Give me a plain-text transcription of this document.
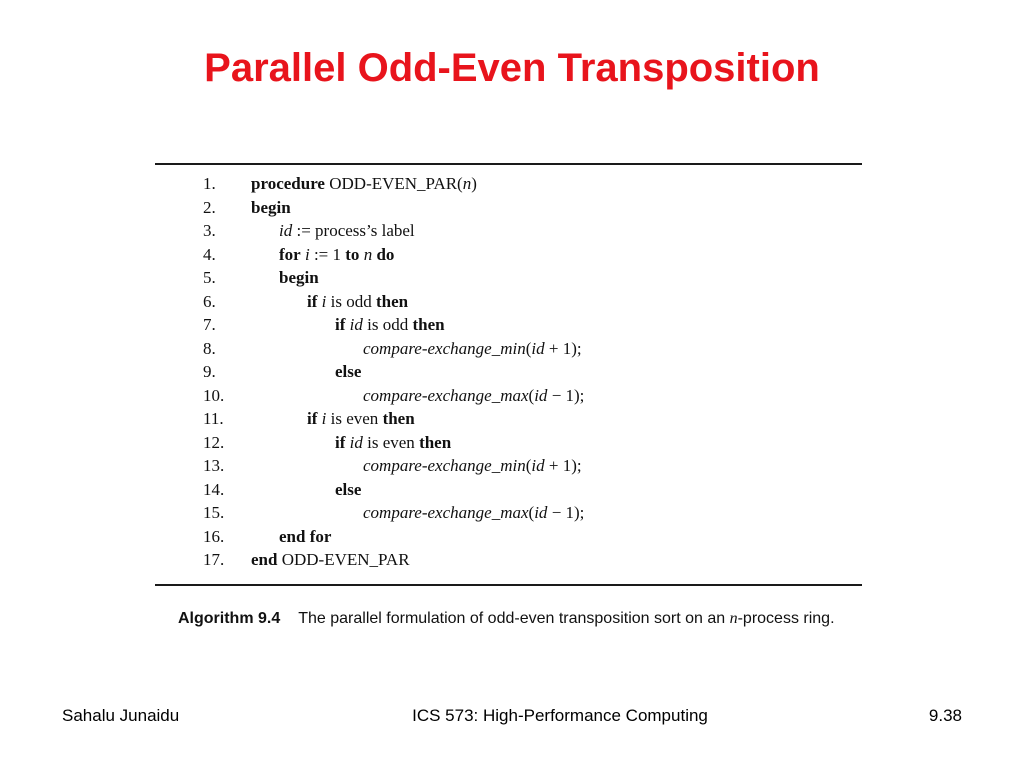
Parallel Odd-Even Transposition
1. procedure ODD-EVEN_PAR(n)
2. begin
3.	id := process’s label
4.	for i := 1 to n do
5.	begin
6.	if i is odd then
7.	if id is odd then
8.	compare-exchange_min(id + 1);
9.	else
10.	compare-exchange_max(id − 1);
11.	if i is even then
12.	if id is even then
13.	compare-exchange_min(id + 1);
14.	else
15.	compare-exchange_max(id − 1);
16.	end for
17. end ODD-EVEN_PAR
Algorithm 9.4 The parallel formulation of odd-even transposition sort on an n-process ring.
Sahalu Junaidu	ICS 573: High-Performance Computing	9.38
